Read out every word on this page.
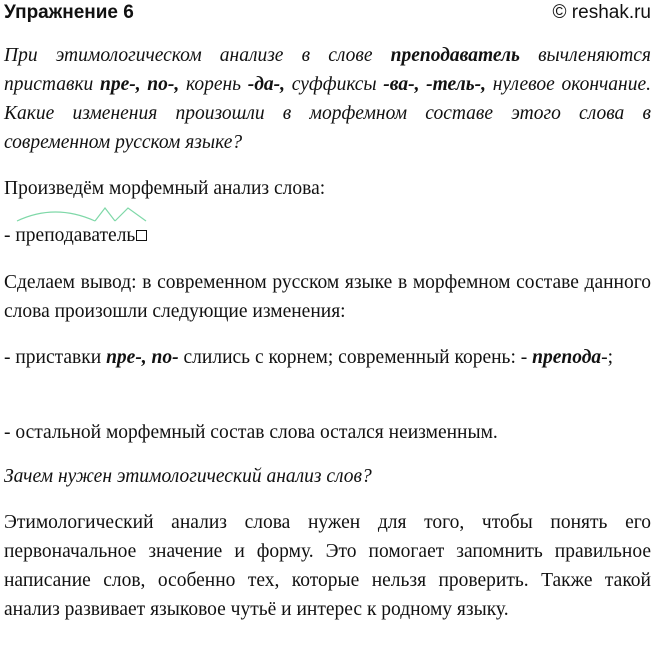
Упражнение 6	© reshak.ru

При этимологическом анализе в слове преподаватель вычленяются приставки пре-, по-, корень -да-, суффиксы -ва-, -тель-, нулевое окончание. Какие изменения произошли в морфемном составе этого слова в современном русском языке?

Произведём морфемный анализ слова:

-
преподаватель

Сделаем вывод: в современном русском языке в морфемном составе данного слова произошли следующие изменения:

- приставки пре-, по- слились с корнем; современный корень: - препода-;

- остальной морфемный состав слова остался неизменным.

Зачем нужен этимологический анализ слов?

Этимологический анализ слова нужен для того, чтобы понять его первоначальное значение и форму. Это помогает запомнить правильное написание слов, особенно тех, которые нельзя проверить. Также такой анализ развивает языковое чутьё и интерес к родному языку.
